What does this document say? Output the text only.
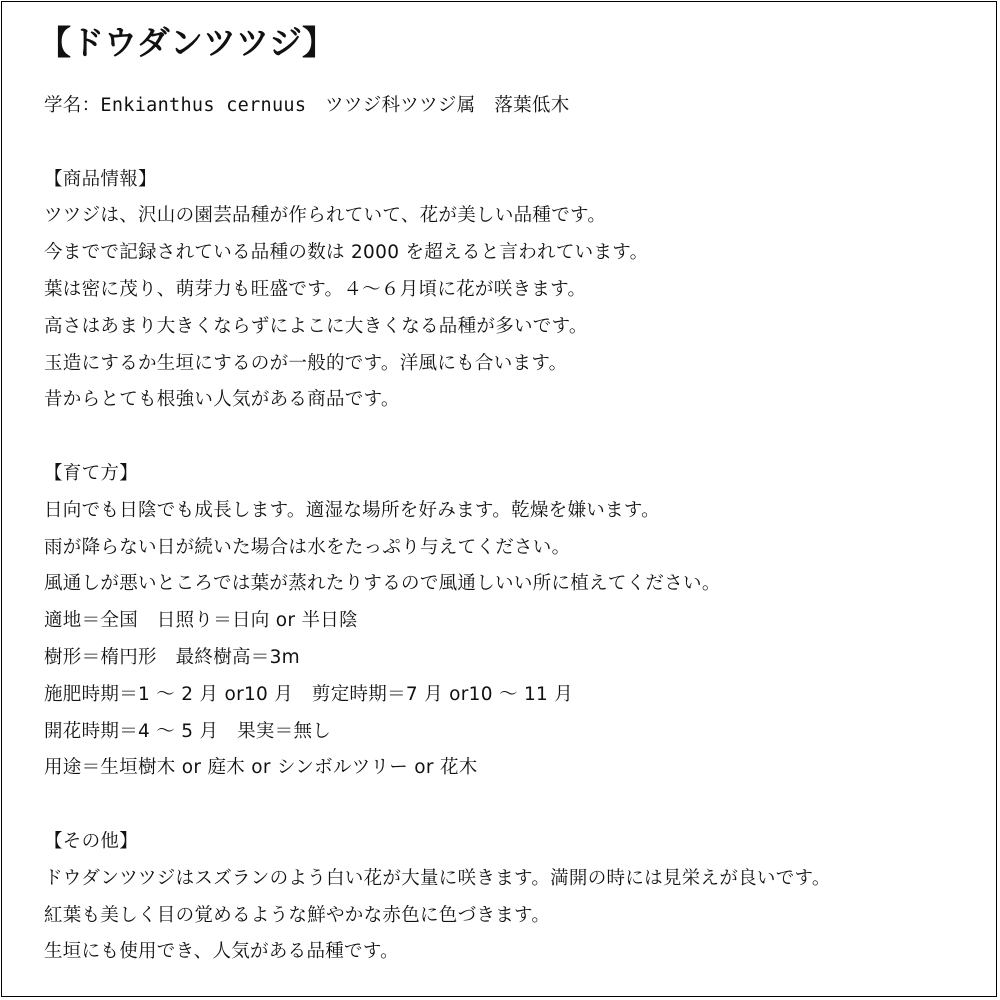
【ドウダンツツジ】
学名：Enkianthus cernuus  ツツジ科ツツジ属  落葉低木
【商品情報】
ツツジは、沢山の園芸品種が作られていて、花が美しい品種です。
今までで記録されている品種の数は 2000 を超えると言われています。
葉は密に茂り、萌芽力も旺盛です。４～６月頃に花が咲きます。
高さはあまり大きくならずによこに大きくなる品種が多いです。
玉造にするか生垣にするのが一般的です。洋風にも合います。
昔からとても根強い人気がある商品です。
【育て方】
日向でも日陰でも成長します。適湿な場所を好みます。乾燥を嫌います。
雨が降らない日が続いた場合は水をたっぷり与えてください。
風通しが悪いところでは葉が蒸れたりするので風通しいい所に植えてください。
適地＝全国　日照り＝日向 or 半日陰
樹形＝楕円形　最終樹高＝3m
施肥時期＝1 ～ 2 月 or10 月　剪定時期＝7 月 or10 ～ 11 月
開花時期＝4 ～ 5 月　果実＝無し
用途＝生垣樹木 or 庭木 or シンボルツリー or 花木
【その他】
ドウダンツツジはスズランのよう白い花が大量に咲きます。満開の時には見栄えが良いです。
紅葉も美しく目の覚めるような鮮やかな赤色に色づきます。
生垣にも使用でき、人気がある品種です。
